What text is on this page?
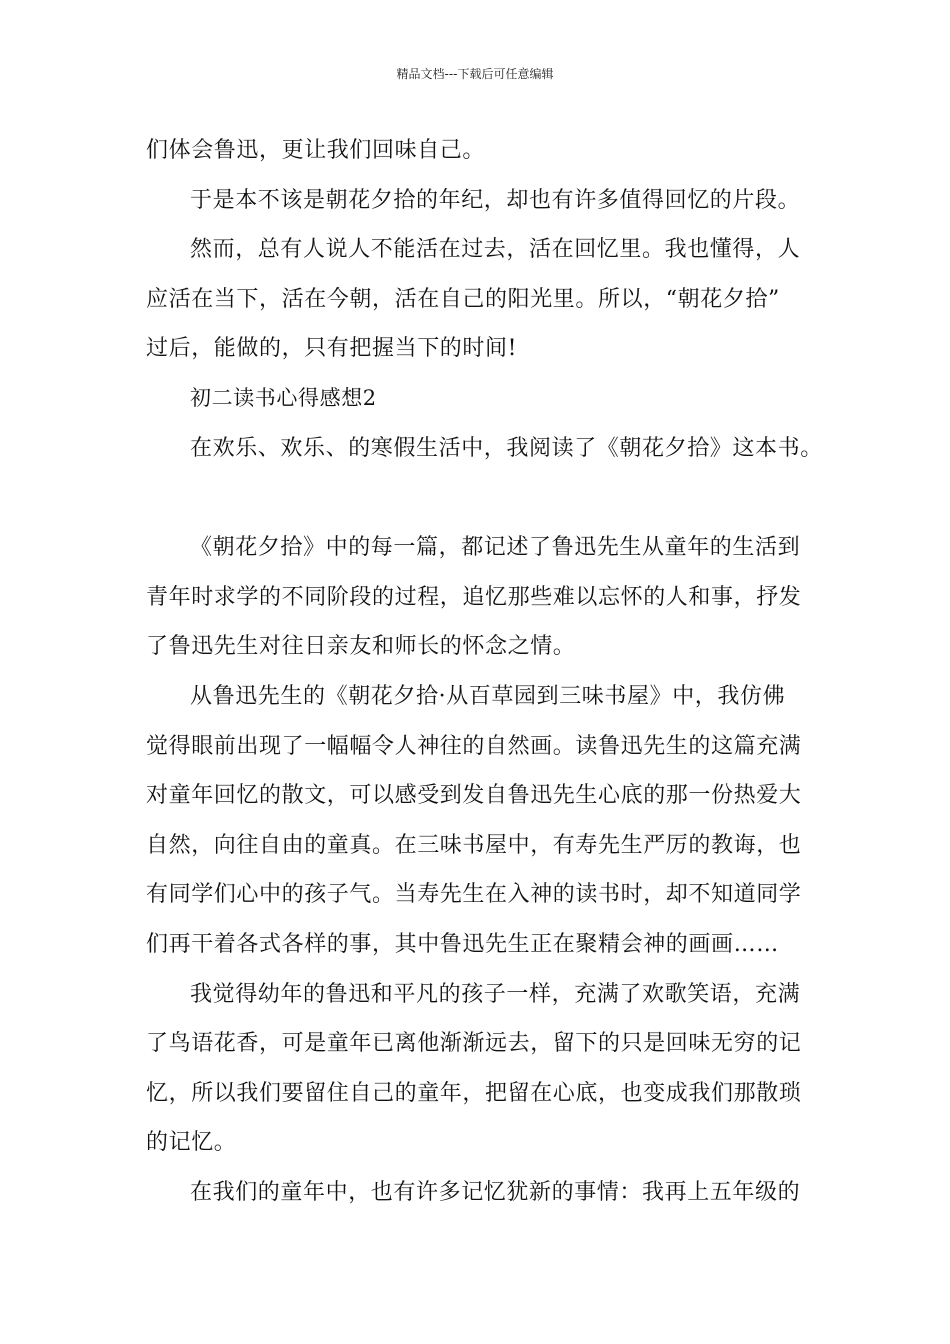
精品文档---下载后可任意编辑

们体会鲁迅，更让我们回味自己。

于是本不该是朝花夕拾的年纪，却也有许多值得回忆的片段。

然而，总有人说人不能活在过去，活在回忆里。我也懂得，人
应活在当下，活在今朝，活在自己的阳光里。所以，“朝花夕拾”
过后，能做的，只有把握当下的时间!

初二读书心得感想2

在欢乐、欢乐、的寒假生活中，我阅读了《朝花夕拾》这本书。

《朝花夕拾》中的每一篇，都记述了鲁迅先生从童年的生活到
青年时求学的不同阶段的过程，追忆那些难以忘怀的人和事，抒发
了鲁迅先生对往日亲友和师长的怀念之情。

从鲁迅先生的《朝花夕拾·从百草园到三味书屋》中，我仿佛
觉得眼前出现了一幅幅令人神往的自然画。读鲁迅先生的这篇充满
对童年回忆的散文，可以感受到发自鲁迅先生心底的那一份热爱大
自然，向往自由的童真。在三味书屋中，有寿先生严厉的教诲，也
有同学们心中的孩子气。当寿先生在入神的读书时，却不知道同学
们再干着各式各样的事，其中鲁迅先生正在聚精会神的画画……

我觉得幼年的鲁迅和平凡的孩子一样，充满了欢歌笑语，充满
了鸟语花香，可是童年已离他渐渐远去，留下的只是回味无穷的记
忆，所以我们要留住自己的童年，把留在心底，也变成我们那散琐
的记忆。

在我们的童年中，也有许多记忆犹新的事情：我再上五年级的
